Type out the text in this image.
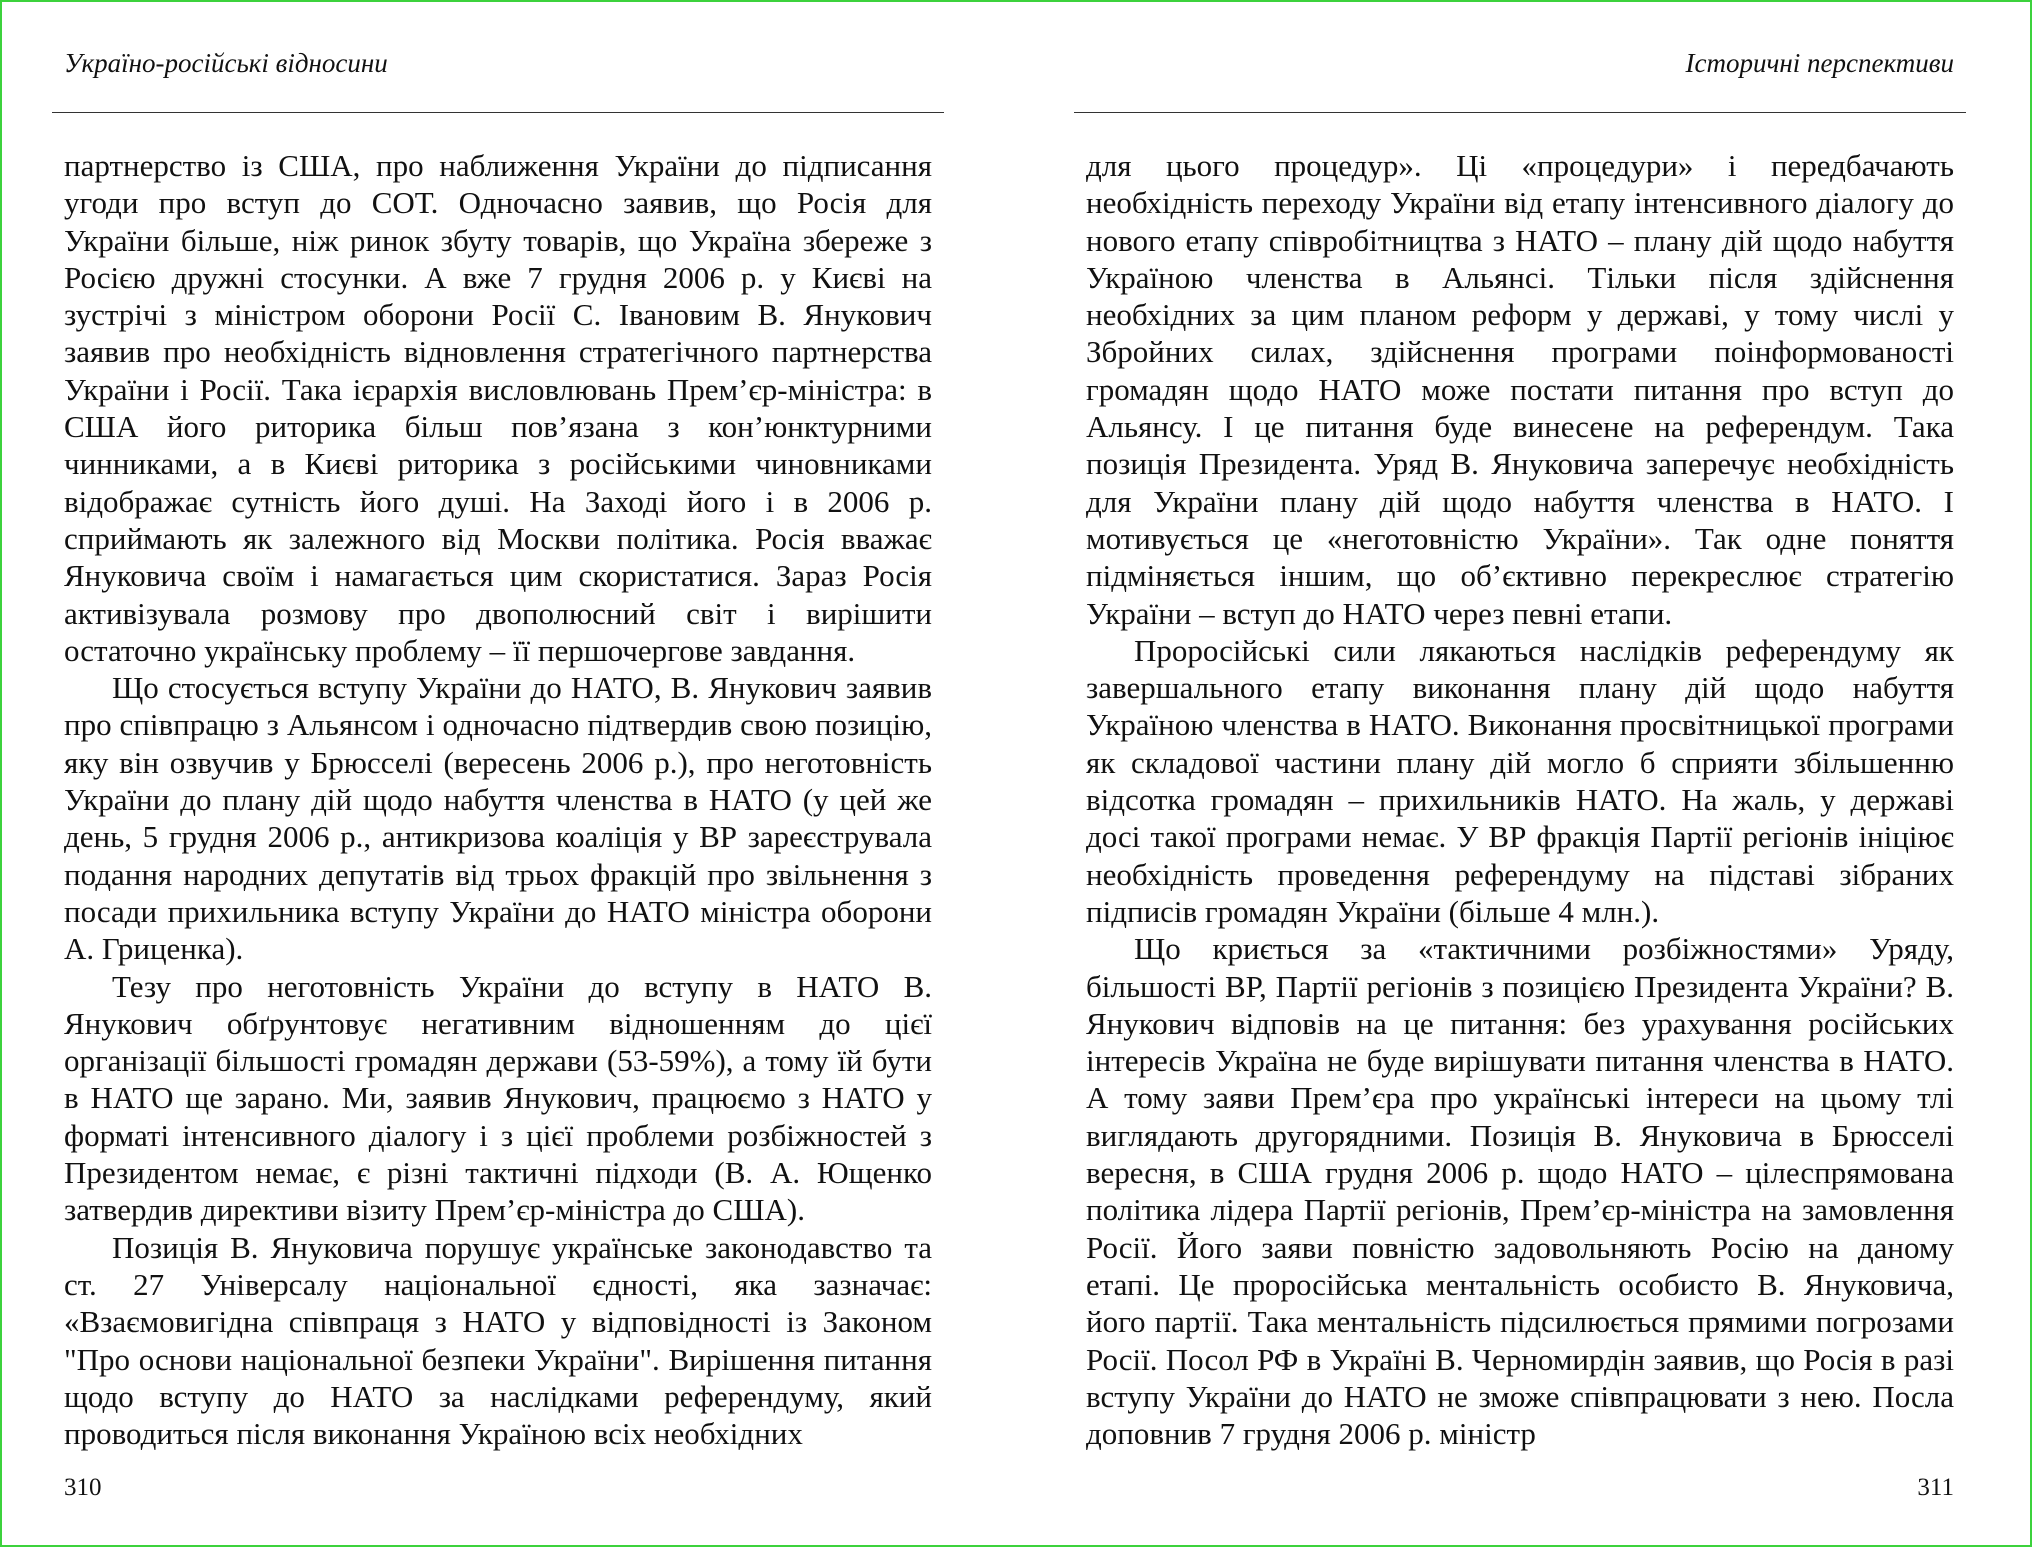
Україно-російські відносини

партнерство із США, про наближення України до підписання угоди про вступ до СОТ. Одночасно заявив, що Росія для України більше, ніж ринок збуту товарів, що Україна збереже з Росією дружні стосунки. А вже 7 грудня 2006 р. у Києві на зустрічі з міністром оборони Росії С. Івановим В. Янукович заявив про необхідність відновлення стратегічного партнерства України і Росії. Така ієрархія висловлювань Прем’єр-міністра: в США його риторика більш пов’язана з кон’юнктурними чинниками, а в Києві риторика з російськими чиновниками відображає сутність його душі. На Заході його і в 2006 р. сприймають як залежного від Москви політика. Росія вважає Януковича своїм і намагається цим скористатися. Зараз Росія активізувала розмову про двополюсний світ і вирішити остаточно українську проблему – її першочергове завдання.

Що стосується вступу України до НАТО, В. Янукович заявив про співпрацю з Альянсом і одночасно підтвердив свою позицію, яку він озвучив у Брюсселі (вересень 2006 р.), про неготовність України до плану дій щодо набуття членства в НАТО (у цей же день, 5 грудня 2006 р., антикризова коаліція у ВР зареєструвала подання народних депутатів від трьох фракцій про звільнення з посади прихильника вступу України до НАТО міністра оборони А. Гриценка).

Тезу про неготовність України до вступу в НАТО В. Янукович обґрунтовує негативним відношенням до цієї організації більшості громадян держави (53-59%), а тому їй бути в НАТО ще зарано. Ми, заявив Янукович, працюємо з НАТО у форматі інтенсивного діалогу і з цієї проблеми розбіжностей з Президентом немає, є різні тактичні підходи (В. А. Ющенко затвердив директиви візиту Прем’єр-міністра до США).

Позиція В. Януковича порушує українське законодавство та ст. 27 Універсалу національної єдності, яка зазначає: «Взаємовигідна співпраця з НАТО у відповідності із Законом "Про основи національної безпеки України". Вирішення питання щодо вступу до НАТО за наслідками референдуму, який проводиться після виконання Україною всіх необхідних

310
Історичні перспективи

для цього процедур». Ці «процедури» і передбачають необхідність переходу України від етапу інтенсивного діалогу до нового етапу співробітництва з НАТО – плану дій щодо набуття Україною членства в Альянсі. Тільки після здійснення необхідних за цим планом реформ у державі, у тому числі у Збройних силах, здійснення програми поінформованості громадян щодо НАТО може постати питання про вступ до Альянсу. І це питання буде винесене на референдум. Така позиція Президента. Уряд В. Януковича заперечує необхідність для України плану дій щодо набуття членства в НАТО. І мотивується це «неготовністю України». Так одне поняття підміняється іншим, що об’єктивно перекреслює стратегію України – вступ до НАТО через певні етапи.

Проросійські сили лякаються наслідків референдуму як завершального етапу виконання плану дій щодо набуття Україною членства в НАТО. Виконання просвітницької програми як складової частини плану дій могло б сприяти збільшенню відсотка громадян – прихильників НАТО. На жаль, у державі досі такої програми немає. У ВР фракція Партії регіонів ініціює необхідність проведення референдуму на підставі зібраних підписів громадян України (більше 4 млн.).

Що криється за «тактичними розбіжностями» Уряду, більшості ВР, Партії регіонів з позицією Президента України? В. Янукович відповів на це питання: без урахування російських інтересів Україна не буде вирішувати питання членства в НАТО. А тому заяви Прем’єра про українські інтереси на цьому тлі виглядають другорядними. Позиція В. Януковича в Брюсселі вересня, в США грудня 2006 р. щодо НАТО – цілеспрямована політика лідера Партії регіонів, Прем’єр-міністра на замовлення Росії. Його заяви повністю задовольняють Росію на даному етапі. Це проросійська ментальність особисто В. Януковича, його партії. Така ментальність підсилюється прямими погрозами Росії. Посол РФ в Україні В. Черномирдін заявив, що Росія в разі вступу України до НАТО не зможе співпрацювати з нею. Посла доповнив 7 грудня 2006 р. міністр

311
